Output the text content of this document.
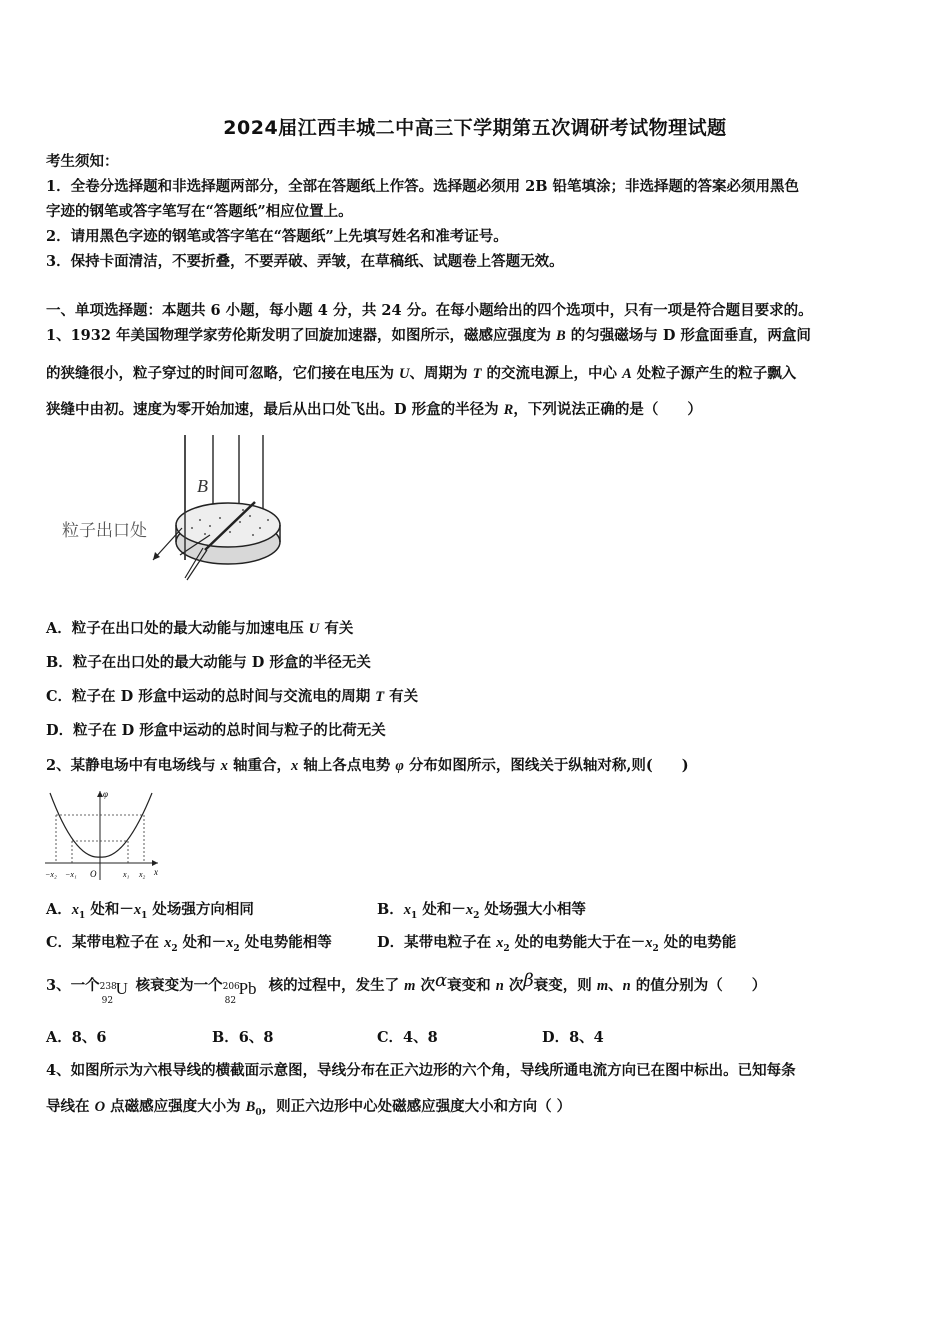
2024届江西丰城二中高三下学期第五次调研考试物理试题
考生须知：
1．全卷分选择题和非选择题两部分，全部在答题纸上作答。选择题必须用 2B 铅笔填涂；非选择题的答案必须用黑色
字迹的钢笔或答字笔写在“答题纸”相应位置上。
2．请用黑色字迹的钢笔或答字笔在“答题纸”上先填写姓名和准考证号。
3．保持卡面清洁，不要折叠，不要弄破、弄皱，在草稿纸、试题卷上答题无效。
一、单项选择题：本题共 6 小题，每小题 4 分，共 24 分。在每小题给出的四个选项中，只有一项是符合题目要求的。
1、1932 年美国物理学家劳伦斯发明了回旋加速器，如图所示，磁感应强度为 B 的匀强磁场与 D 形盒面垂直，两盒间
的狭缝很小，粒子穿过的时间可忽略，它们接在电压为 U、周期为 T 的交流电源上，中心 A 处粒子源产生的粒子飘入
狭缝中由初。速度为零开始加速，最后从出口处飞出。D 形盒的半径为 R，下列说法正确的是（　　）
B
粒子出口处
A．粒子在出口处的最大动能与加速电压 U 有关
B．粒子在出口处的最大动能与 D 形盒的半径无关
C．粒子在 D 形盒中运动的总时间与交流电的周期 T 有关
D．粒子在 D 形盒中运动的总时间与粒子的比荷无关
2、某静电场中有电场线与 x 轴重合，x 轴上各点电势 φ 分布如图所示，图线关于纵轴对称,则(　　)
φ
x
O
−x₂ −x₁	x₁ x₂
A．$x_1$ 处和$-x_1$ 处场强方向相同	B．$x_1$ 处和$-x_2$ 处场强大小相等
C．某带电粒子在 $x_2$ 处和$-x_2$ 处电势能相等	D．某带电粒子在 $x_2$ 处的电势能大于在$-x_2$ 处的电势能
3、一个 238
92
U 核衰变为一个 206
82
Pb 核的过程中，发生了 m 次α衰变和 n 次β衰变，则 m、n 的值分别为（　　）
A．8、6	B．6、8	C．4、8	D．8、4
4、如图所示为六根导线的横截面示意图，导线分布在正六边形的六个角，导线所通电流方向已在图中标出。已知每条
导线在 O 点磁感应强度大小为 $B_0$，则正六边形中心处磁感应强度大小和方向（ ）
